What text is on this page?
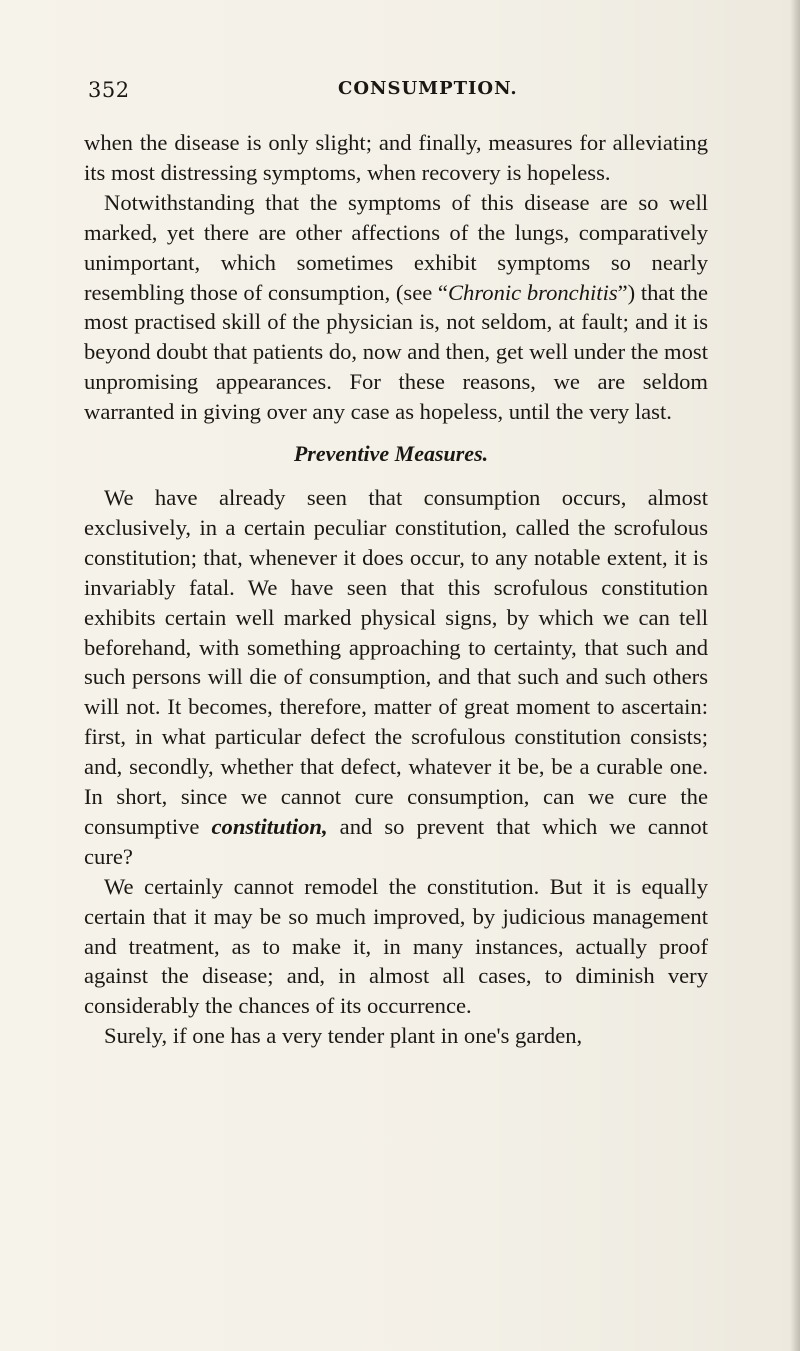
352	CONSUMPTION.

when the disease is only slight; and finally, measures for alleviating its most distressing symptoms, when recovery is hopeless.

Notwithstanding that the symptoms of this disease are so well marked, yet there are other affections of the lungs, comparatively unimportant, which sometimes exhibit symptoms so nearly resembling those of consumption, (see “Chronic bronchitis”) that the most practised skill of the physician is, not seldom, at fault; and it is beyond doubt that patients do, now and then, get well under the most unpromising appearances. For these reasons, we are seldom warranted in giving over any case as hopeless, until the very last.

Preventive Measures.

We have already seen that consumption occurs, almost exclusively, in a certain peculiar constitution, called the scrofulous constitution; that, whenever it does occur, to any notable extent, it is invariably fatal. We have seen that this scrofulous constitution exhibits certain well marked physical signs, by which we can tell beforehand, with something approaching to certainty, that such and such persons will die of consumption, and that such and such others will not. It becomes, therefore, matter of great moment to ascertain: first, in what particular defect the scrofulous constitution consists; and, secondly, whether that defect, whatever it be, be a curable one. In short, since we cannot cure consumption, can we cure the consumptive constitution, and so prevent that which we cannot cure?

We certainly cannot remodel the constitution. But it is equally certain that it may be so much improved, by judicious management and treatment, as to make it, in many instances, actually proof against the disease; and, in almost all cases, to diminish very considerably the chances of its occurrence.

Surely, if one has a very tender plant in one's garden,
